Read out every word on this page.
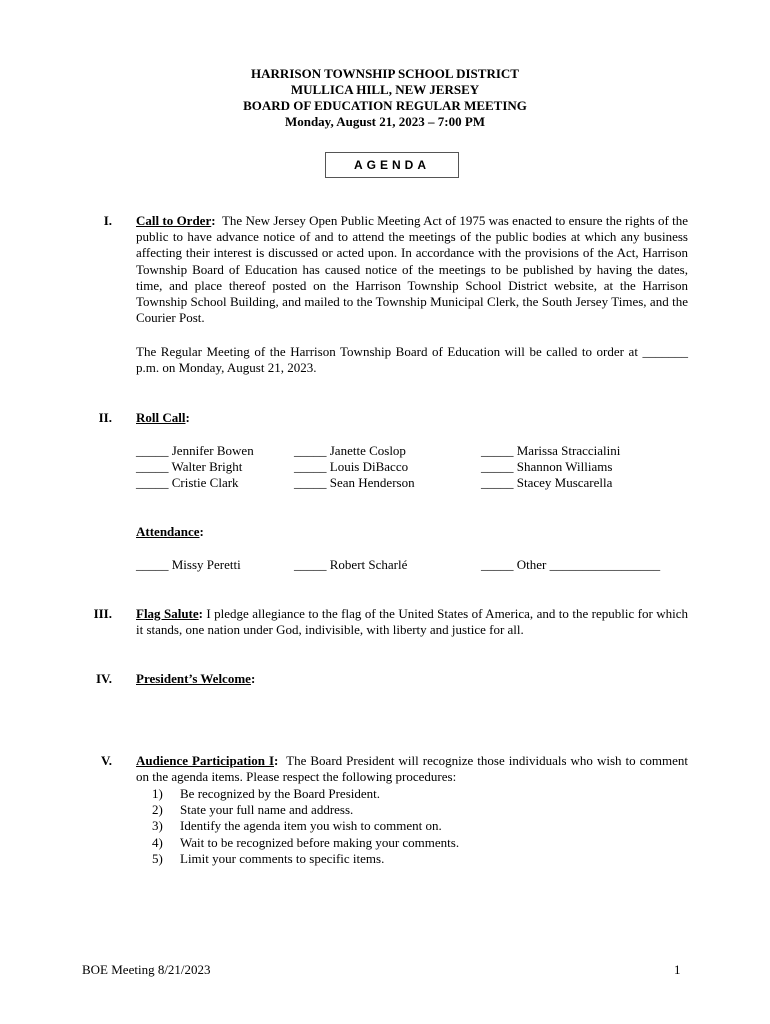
HARRISON TOWNSHIP SCHOOL DISTRICT
MULLICA HILL, NEW JERSEY
BOARD OF EDUCATION REGULAR MEETING
Monday, August 21, 2023 – 7:00 PM
AGENDA
I. Call to Order: The New Jersey Open Public Meeting Act of 1975 was enacted to ensure the rights of the public to have advance notice of and to attend the meetings of the public bodies at which any business affecting their interest is discussed or acted upon. In accordance with the provisions of the Act, Harrison Township Board of Education has caused notice of the meetings to be published by having the dates, time, and place thereof posted on the Harrison Township School District website, at the Harrison Township School Building, and mailed to the Township Municipal Clerk, the South Jersey Times, and the Courier Post.
The Regular Meeting of the Harrison Township Board of Education will be called to order at _______ p.m. on Monday, August 21, 2023.
II. Roll Call:
_____ Jennifer Bowen	_____ Janette Coslop	_____ Marissa Straccialini
_____ Walter Bright	_____ Louis DiBacco	_____ Shannon Williams
_____ Cristie Clark	_____ Sean Henderson	_____ Stacey Muscarella
Attendance:
_____ Missy Peretti	_____ Robert Scharlé	_____ Other _________________
III. Flag Salute: I pledge allegiance to the flag of the United States of America, and to the republic for which it stands, one nation under God, indivisible, with liberty and justice for all.
IV. President’s Welcome:
V. Audience Participation I: The Board President will recognize those individuals who wish to comment on the agenda items. Please respect the following procedures:
1) Be recognized by the Board President.
2) State your full name and address.
3) Identify the agenda item you wish to comment on.
4) Wait to be recognized before making your comments.
5) Limit your comments to specific items.
BOE Meeting 8/21/2023	1
